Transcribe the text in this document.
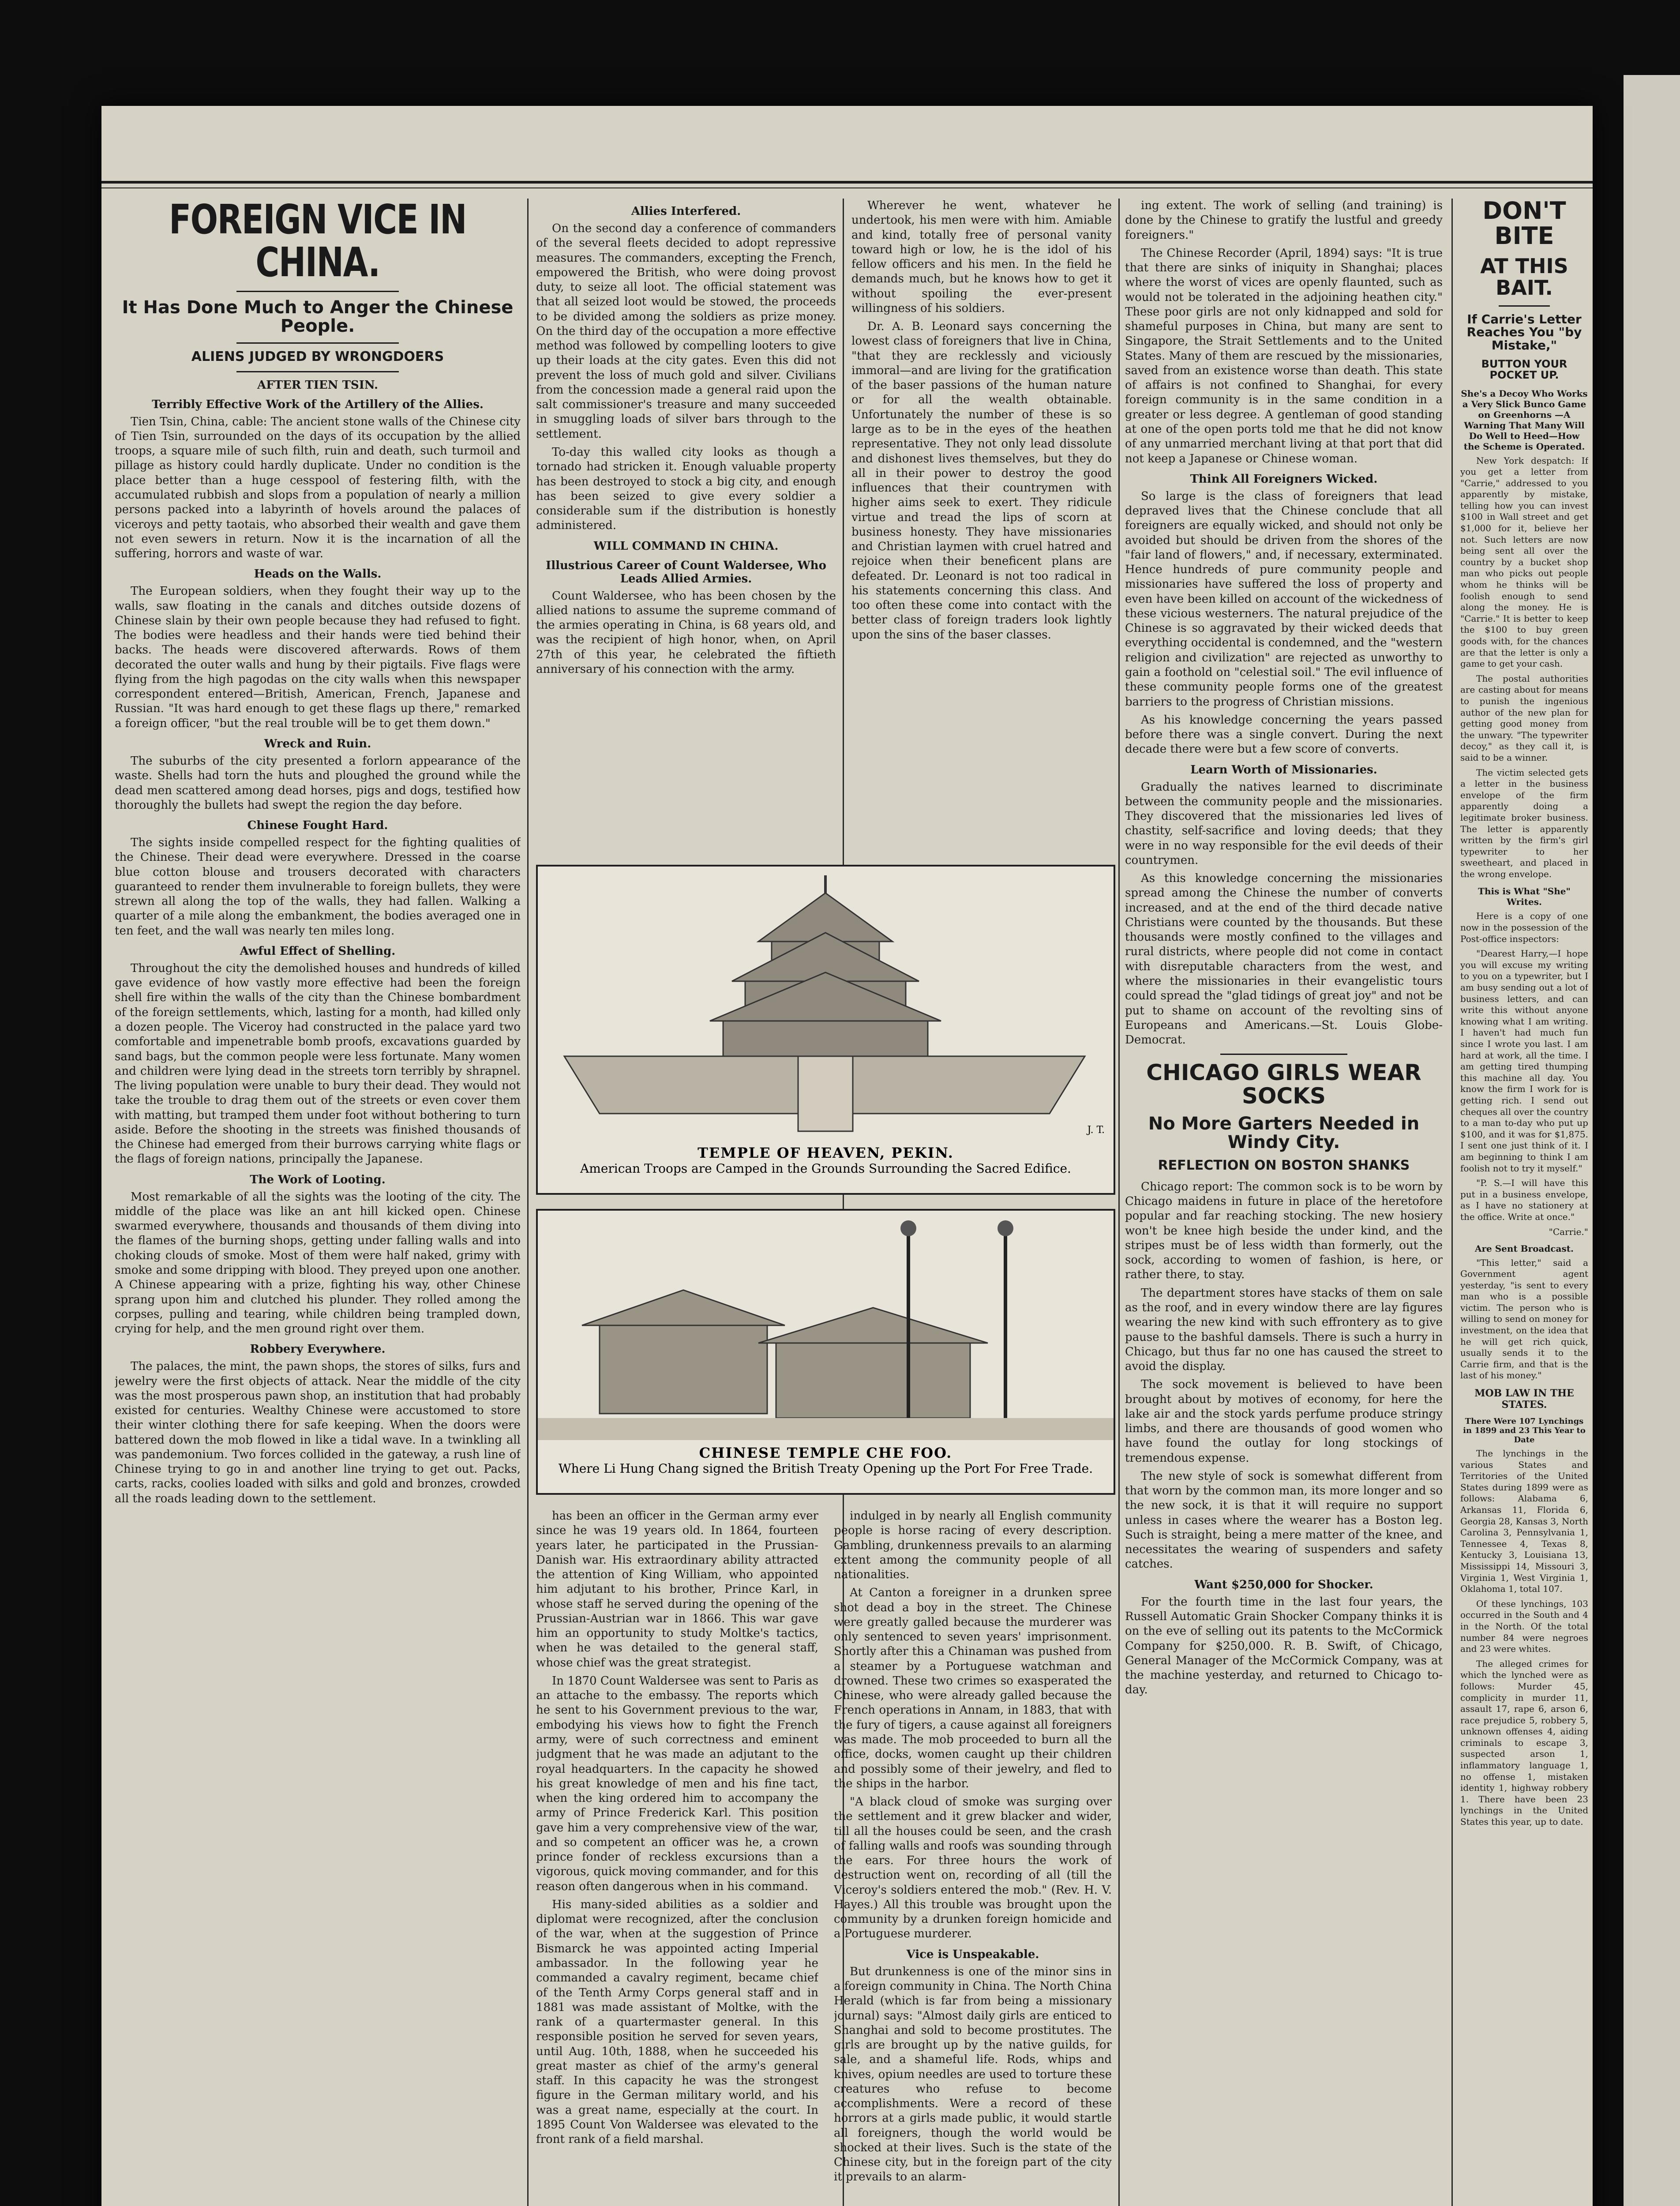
FOREIGN VICE IN CHINA.
It Has Done Much to Anger the Chinese People.
ALIENS JUDGED BY WRONGDOERS
AFTER TIEN TSIN.
Terribly Effective Work of the Artillery of the Allies.

Tien Tsin, China, cable: The ancient stone walls of the Chinese city of Tien Tsin, surrounded on the days of its occupation by the allied troops, a square mile of such filth, ruin and death, such turmoil and pillage as history could hardly duplicate. Under no condition is the place better than a huge cesspool of festering filth, with the accumulated rubbish and slops from a population of nearly a million persons packed into a labyrinth of hovels around the palaces of viceroys and petty taotais, who absorbed their wealth and gave them not even sewers in return. Now it is the incarnation of all the suffering, horrors and waste of war.

Heads on the Walls.

The European soldiers, when they fought their way up to the walls, saw floating in the canals and ditches outside dozens of Chinese slain by their own people because they had refused to fight. The bodies were headless and their hands were tied behind their backs. The heads were discovered afterwards. Rows of them decorated the outer walls and hung by their pigtails. Five flags were flying from the high pagodas on the city walls when this newspaper correspondent entered—British, American, French, Japanese and Russian. "It was hard enough to get these flags up there," remarked a foreign officer, "but the real trouble will be to get them down."

Wreck and Ruin.

The suburbs of the city presented a forlorn appearance of the waste. Shells had torn the huts and ploughed the ground while the dead men scattered among dead horses, pigs and dogs, testified how thoroughly the bullets had swept the region the day before.

Chinese Fought Hard.

The sights inside compelled respect for the fighting qualities of the Chinese. Their dead were everywhere. Dressed in the coarse blue cotton blouse and trousers decorated with characters guaranteed to render them invulnerable to foreign bullets, they were strewn all along the top of the walls, they had fallen. Walking a quarter of a mile along the embankment, the bodies averaged one in ten feet, and the wall was nearly ten miles long.

Awful Effect of Shelling.

Throughout the city the demolished houses and hundreds of killed gave evidence of how vastly more effective had been the foreign shell fire within the walls of the city than the Chinese bombardment of the foreign settlements, which, lasting for a month, had killed only a dozen people. The Viceroy had constructed in the palace yard two comfortable and impenetrable bomb proofs, excavations guarded by sand bags, but the common people were less fortunate. Many women and children were lying dead in the streets torn terribly by shrapnel. The living population were unable to bury their dead. They would not take the trouble to drag them out of the streets or even cover them with matting, but tramped them under foot without bothering to turn aside. Before the shooting in the streets was finished thousands of the Chinese had emerged from their burrows carrying white flags or the flags of foreign nations, principally the Japanese.

The Work of Looting.

Most remarkable of all the sights was the looting of the city. The middle of the place was like an ant hill kicked open. Chinese swarmed everywhere, thousands and thousands of them diving into the flames of the burning shops, getting under falling walls and into choking clouds of smoke. Most of them were half naked, grimy with smoke and some dripping with blood. They preyed upon one another. A Chinese appearing with a prize, fighting his way, other Chinese sprang upon him and clutched his plunder. They rolled among the corpses, pulling and tearing, while children being trampled down, crying for help, and the men ground right over them.

Robbery Everywhere.

The palaces, the mint, the pawn shops, the stores of silks, furs and jewelry were the first objects of attack. Near the middle of the city was the most prosperous pawn shop, an institution that had probably existed for centuries. Wealthy Chinese were accustomed to store their winter clothing there for safe keeping. When the doors were battered down the mob flowed in like a tidal wave. In a twinkling all was pandemonium. Two forces collided in the gateway, a rush line of Chinese trying to go in and another line trying to get out. Packs, carts, racks, coolies loaded with silks and gold and bronzes, crowded all the roads leading down to the settlement.

Allies Interfered.

On the second day a conference of commanders of the several fleets decided to adopt repressive measures. The commanders, excepting the French, empowered the British, who were doing provost duty, to seize all loot. The official statement was that all seized loot would be stowed, the proceeds to be divided among the soldiers as prize money. On the third day of the occupation a more effective method was followed by compelling looters to give up their loads at the city gates. Even this did not prevent the loss of much gold and silver. Civilians from the concession made a general raid upon the salt commissioner's treasure and many succeeded in smuggling loads of silver bars through to the settlement.

To-day this walled city looks as though a tornado had stricken it. Enough valuable property has been destroyed to stock a big city, and enough has been seized to give every soldier a considerable sum if the distribution is honestly administered.

WILL COMMAND IN CHINA.
Illustrious Career of Count Waldersee, Who Leads Allied Armies.

Count Waldersee, who has been chosen by the allied nations to assume the supreme command of the armies operating in China, is 68 years old, and was the recipient of high honor, when, on April 27th of this year, he celebrated the fiftieth anniversary of his connection with the army.

Wherever he went, whatever he undertook, his men were with him. Amiable and kind, totally free of personal vanity toward high or low, he is the idol of his fellow officers and his men. In the field he demands much, but he knows how to get it without spoiling the ever-present willingness of his soldiers.

Dr. A. B. Leonard says concerning the lowest class of foreigners that live in China, "that they are recklessly and viciously immoral—and are living for the gratification of the baser passions of the human nature or for all the wealth obtainable. Unfortunately the number of these is so large as to be in the eyes of the heathen representative. They not only lead dissolute and dishonest lives themselves, but they do all in their power to destroy the good influences that their countrymen with higher aims seek to exert. They ridicule virtue and tread the lips of scorn at business honesty. They have missionaries and Christian laymen with cruel hatred and rejoice when their beneficent plans are defeated. Dr. Leonard is not too radical in his statements concerning this class. And too often these come into contact with the better class of foreign traders look lightly upon the sins of the baser classes.

TEMPLE OF HEAVEN, PEKIN.
American Troops are Camped in the Grounds Surrounding the Sacred Edifice.
J. T.
CHINESE TEMPLE CHE FOO.
Where Li Hung Chang signed the British Treaty Opening up the Port For Free Trade.

has been an officer in the German army ever since he was 19 years old. In 1864, fourteen years later, he participated in the Prussian-Danish war. His extraordinary ability attracted the attention of King William, who appointed him adjutant to his brother, Prince Karl, in whose staff he served during the opening of the Prussian-Austrian war in 1866. This war gave him an opportunity to study Moltke's tactics, when he was detailed to the general staff, whose chief was the great strategist.

In 1870 Count Waldersee was sent to Paris as an attache to the embassy. The reports which he sent to his Government previous to the war, embodying his views how to fight the French army, were of such correctness and eminent judgment that he was made an adjutant to the royal headquarters. In the capacity he showed his great knowledge of men and his fine tact, when the king ordered him to accompany the army of Prince Frederick Karl. This position gave him a very comprehensive view of the war, and so competent an officer was he, a crown prince fonder of reckless excursions than a vigorous, quick moving commander, and for this reason often dangerous when in his command.

His many-sided abilities as a soldier and diplomat were recognized, after the conclusion of the war, when at the suggestion of Prince Bismarck he was appointed acting Imperial ambassador. In the following year he commanded a cavalry regiment, became chief of the Tenth Army Corps general staff and in 1881 was made assistant of Moltke, with the rank of a quartermaster general. In this responsible position he served for seven years, until Aug. 10th, 1888, when he succeeded his great master as chief of the army's general staff. In this capacity he was the strongest figure in the German military world, and his was a great name, especially at the court. In 1895 Count Von Waldersee was elevated to the front rank of a field marshal.

indulged in by nearly all English community people is horse racing of every description. Gambling, drunkenness prevails to an alarming extent among the community people of all nationalities.

At Canton a foreigner in a drunken spree shot dead a boy in the street. The Chinese were greatly galled because the murderer was only sentenced to seven years' imprisonment. Shortly after this a Chinaman was pushed from a steamer by a Portuguese watchman and drowned. These two crimes so exasperated the Chinese, who were already galled because the French operations in Annam, in 1883, that with the fury of tigers, a cause against all foreigners was made. The mob proceeded to burn all the office, docks, women caught up their children and possibly some of their jewelry, and fled to the ships in the harbor.

"A black cloud of smoke was surging over the settlement and it grew blacker and wider, till all the houses could be seen, and the crash of falling walls and roofs was sounding through the ears. For three hours the work of destruction went on, recording of all (till the Viceroy's soldiers entered the mob." (Rev. H. V. Hayes.) All this trouble was brought upon the community by a drunken foreign homicide and a Portuguese murderer.

Vice is Unspeakable.

But drunkenness is one of the minor sins in a foreign community in China. The North China Herald (which is far from being a missionary journal) says: "Almost daily girls are enticed to Shanghai and sold to become prostitutes. The girls are brought up by the native guilds, for sale, and a shameful life. Rods, whips and knives, opium needles are used to torture these creatures who refuse to become accomplishments. Were a record of these horrors at a girls made public, it would startle all foreigners, though the world would be shocked at their lives. Such is the state of the Chinese city, but in the foreign part of the city it prevails to an alarm-

ing extent. The work of selling (and training) is done by the Chinese to gratify the lustful and greedy foreigners."

The Chinese Recorder (April, 1894) says: "It is true that there are sinks of iniquity in Shanghai; places where the worst of vices are openly flaunted, such as would not be tolerated in the adjoining heathen city." These poor girls are not only kidnapped and sold for shameful purposes in China, but many are sent to Singapore, the Strait Settlements and to the United States. Many of them are rescued by the missionaries, saved from an existence worse than death. This state of affairs is not confined to Shanghai, for every foreign community is in the same condition in a greater or less degree. A gentleman of good standing at one of the open ports told me that he did not know of any unmarried merchant living at that port that did not keep a Japanese or Chinese woman.

Think All Foreigners Wicked.

So large is the class of foreigners that lead depraved lives that the Chinese conclude that all foreigners are equally wicked, and should not only be avoided but should be driven from the shores of the "fair land of flowers," and, if necessary, exterminated. Hence hundreds of pure community people and missionaries have suffered the loss of property and even have been killed on account of the wickedness of these vicious westerners. The natural prejudice of the Chinese is so aggravated by their wicked deeds that everything occidental is condemned, and the "western religion and civilization" are rejected as unworthy to gain a foothold on "celestial soil." The evil influence of these community people forms one of the greatest barriers to the progress of Christian missions.

As his knowledge concerning the years passed before there was a single convert. During the next decade there were but a few score of converts.

Learn Worth of Missionaries.

Gradually the natives learned to discriminate between the community people and the missionaries. They discovered that the missionaries led lives of chastity, self-sacrifice and loving deeds; that they were in no way responsible for the evil deeds of their countrymen.

As this knowledge concerning the missionaries spread among the Chinese the number of converts increased, and at the end of the third decade native Christians were counted by the thousands. But these thousands were mostly confined to the villages and rural districts, where people did not come in contact with disreputable characters from the west, and where the missionaries in their evangelistic tours could spread the "glad tidings of great joy" and not be put to shame on account of the revolting sins of Europeans and Americans.—St. Louis Globe-Democrat.

CHICAGO GIRLS WEAR SOCKS
No More Garters Needed in Windy City.
REFLECTION ON BOSTON SHANKS

Chicago report: The common sock is to be worn by Chicago maidens in future in place of the heretofore popular and far reaching stocking. The new hosiery won't be knee high beside the under kind, and the stripes must be of less width than formerly, out the sock, according to women of fashion, is here, or rather there, to stay.

The department stores have stacks of them on sale as the roof, and in every window there are lay figures wearing the new kind with such effrontery as to give pause to the bashful damsels. There is such a hurry in Chicago, but thus far no one has caused the street to avoid the display.

The sock movement is believed to have been brought about by motives of economy, for here the lake air and the stock yards perfume produce stringy limbs, and there are thousands of good women who have found the outlay for long stockings of tremendous expense.

The new style of sock is somewhat different from that worn by the common man, its more longer and so the new sock, it is that it will require no support unless in cases where the wearer has a Boston leg. Such is straight, being a mere matter of the knee, and necessitates the wearing of suspenders and safety catches.

Want $250,000 for Shocker.

For the fourth time in the last four years, the Russell Automatic Grain Shocker Company thinks it is on the eve of selling out its patents to the McCormick Company for $250,000. R. B. Swift, of Chicago, General Manager of the McCormick Company, was at the machine yesterday, and returned to Chicago to-day.

DON'T BITE
AT THIS BAIT.
If Carrie's Letter Reaches You "by Mistake,"
BUTTON YOUR POCKET UP.
She's a Decoy Who Works a Very Slick Bunco Game on Greenhorns —A Warning That Many Will Do Well to Heed—How the Scheme is Operated.

New York despatch: If you get a letter from "Carrie," addressed to you apparently by mistake, telling how you can invest $100 in Wall street and get $1,000 for it, believe her not. Such letters are now being sent all over the country by a bucket shop man who picks out people whom he thinks will be foolish enough to send along the money. He is "Carrie." It is better to keep the $100 to buy green goods with, for the chances are that the letter is only a game to get your cash.

The postal authorities are casting about for means to punish the ingenious author of the new plan for getting good money from the unwary. "The typewriter decoy," as they call it, is said to be a winner.

The victim selected gets a letter in the business envelope of the firm apparently doing a legitimate broker business. The letter is apparently written by the firm's girl typewriter to her sweetheart, and placed in the wrong envelope.

This is What "She" Writes.

Here is a copy of one now in the possession of the Post-office inspectors:

"Dearest Harry,—I hope you will excuse my writing to you on a typewriter, but I am busy sending out a lot of business letters, and can write this without anyone knowing what I am writing. I haven't had much fun since I wrote you last. I am hard at work, all the time. I am getting tired thumping this machine all day. You know the firm I work for is getting rich. I send out cheques all over the country to a man to-day who put up $100, and it was for $1,875. I sent one just think of it. I am beginning to think I am foolish not to try it myself."

"P. S.—I will have this put in a business envelope, as I have no stationery at the office. Write at once."

"Carrie."
Are Sent Broadcast.

"This letter," said a Government agent yesterday, "is sent to every man who is a possible victim. The person who is willing to send on money for investment, on the idea that he will get rich quick, usually sends it to the Carrie firm, and that is the last of his money."

MOB LAW IN THE STATES.
There Were 107 Lynchings in 1899 and 23 This Year to Date

The lynchings in the various States and Territories of the United States during 1899 were as follows: Alabama 6, Arkansas 11, Florida 6, Georgia 28, Kansas 3, North Carolina 3, Pennsylvania 1, Tennessee 4, Texas 8, Kentucky 3, Louisiana 13, Mississippi 14, Missouri 3, Virginia 1, West Virginia 1, Oklahoma 1, total 107.

Of these lynchings, 103 occurred in the South and 4 in the North. Of the total number 84 were negroes and 23 were whites.

The alleged crimes for which the lynched were as follows: Murder 45, complicity in murder 11, assault 17, rape 6, arson 6, race prejudice 5, robbery 5, unknown offenses 4, aiding criminals to escape 3, suspected arson 1, inflammatory language 1, no offense 1, mistaken identity 1, highway robbery 1. There have been 23 lynchings in the United States this year, up to date.
